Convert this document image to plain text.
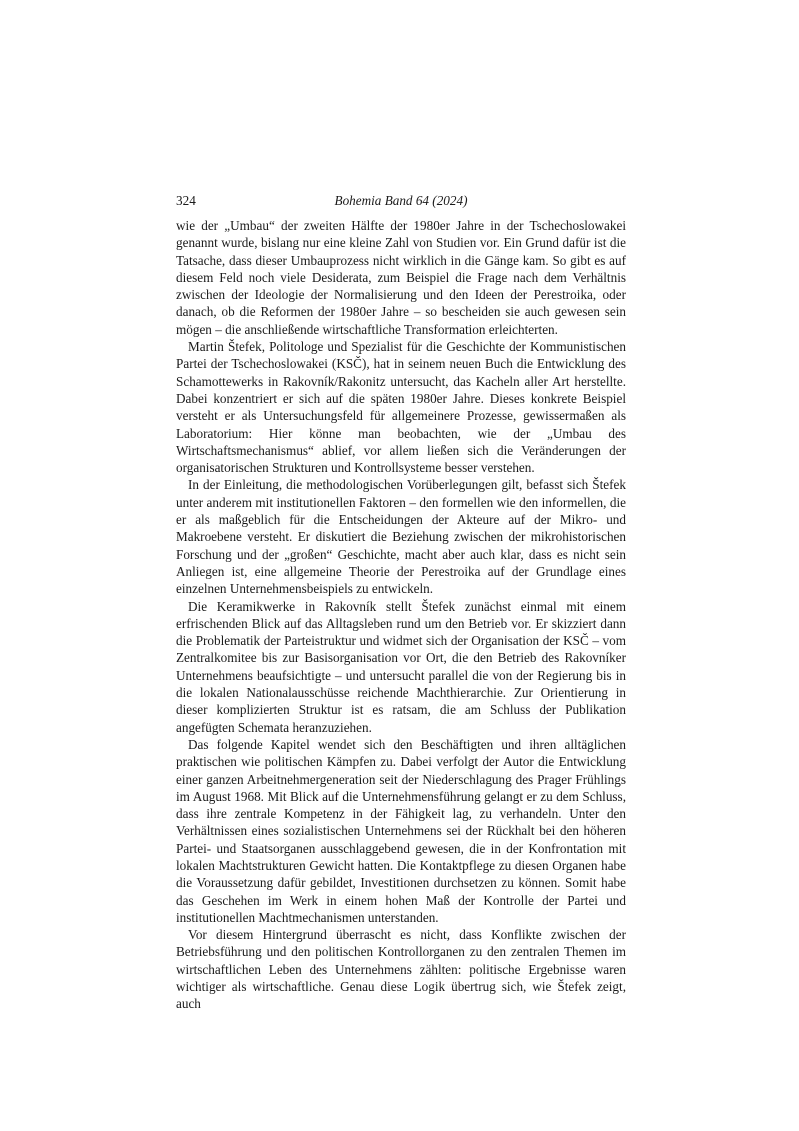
324	Bohemia Band 64 (2024)

wie der „Umbau“ der zweiten Hälfte der 1980er Jahre in der Tschechoslowakei genannt wurde, bislang nur eine kleine Zahl von Studien vor. Ein Grund dafür ist die Tatsache, dass dieser Umbauprozess nicht wirklich in die Gänge kam. So gibt es auf diesem Feld noch viele Desiderata, zum Beispiel die Frage nach dem Verhältnis zwischen der Ideologie der Normalisierung und den Ideen der Perestroika, oder danach, ob die Reformen der 1980er Jahre – so bescheiden sie auch gewesen sein mögen – die anschließende wirtschaftliche Transformation erleichterten.

Martin Štefek, Politologe und Spezialist für die Geschichte der Kommunistischen Partei der Tschechoslowakei (KSČ), hat in seinem neuen Buch die Entwicklung des Schamottewerks in Rakovník/Rakonitz untersucht, das Kacheln aller Art herstellte. Dabei konzentriert er sich auf die späten 1980er Jahre. Dieses konkrete Beispiel versteht er als Untersuchungsfeld für allgemeinere Prozesse, gewissermaßen als Laboratorium: Hier könne man beobachten, wie der „Umbau des Wirtschaftsmechanismus“ ablief, vor allem ließen sich die Veränderungen der organisatorischen Strukturen und Kontrollsysteme besser verstehen.

In der Einleitung, die methodologischen Vorüberlegungen gilt, befasst sich Štefek unter anderem mit institutionellen Faktoren – den formellen wie den informellen, die er als maßgeblich für die Entscheidungen der Akteure auf der Mikro- und Makroebene versteht. Er diskutiert die Beziehung zwischen der mikrohistorischen Forschung und der „großen“ Geschichte, macht aber auch klar, dass es nicht sein Anliegen ist, eine allgemeine Theorie der Perestroika auf der Grundlage eines einzelnen Unternehmensbeispiels zu entwickeln.

Die Keramikwerke in Rakovník stellt Štefek zunächst einmal mit einem erfrischenden Blick auf das Alltagsleben rund um den Betrieb vor. Er skizziert dann die Problematik der Parteistruktur und widmet sich der Organisation der KSČ – vom Zentralkomitee bis zur Basisorganisation vor Ort, die den Betrieb des Rakovníker Unternehmens beaufsichtigte – und untersucht parallel die von der Regierung bis in die lokalen Nationalausschüsse reichende Machthierarchie. Zur Orientierung in dieser komplizierten Struktur ist es ratsam, die am Schluss der Publikation angefügten Schemata heranzuziehen.

Das folgende Kapitel wendet sich den Beschäftigten und ihren alltäglichen praktischen wie politischen Kämpfen zu. Dabei verfolgt der Autor die Entwicklung einer ganzen Arbeitnehmergeneration seit der Niederschlagung des Prager Frühlings im August 1968. Mit Blick auf die Unternehmensführung gelangt er zu dem Schluss, dass ihre zentrale Kompetenz in der Fähigkeit lag, zu verhandeln. Unter den Verhältnissen eines sozialistischen Unternehmens sei der Rückhalt bei den höheren Partei- und Staatsorganen ausschlaggebend gewesen, die in der Konfrontation mit lokalen Machtstrukturen Gewicht hatten. Die Kontaktpflege zu diesen Organen habe die Voraussetzung dafür gebildet, Investitionen durchsetzen zu können. Somit habe das Geschehen im Werk in einem hohen Maß der Kontrolle der Partei und institutionellen Machtmechanismen unterstanden.

Vor diesem Hintergrund überrascht es nicht, dass Konflikte zwischen der Betriebsführung und den politischen Kontrollorganen zu den zentralen Themen im wirtschaftlichen Leben des Unternehmens zählten: politische Ergebnisse waren wichtiger als wirtschaftliche. Genau diese Logik übertrug sich, wie Štefek zeigt, auch
